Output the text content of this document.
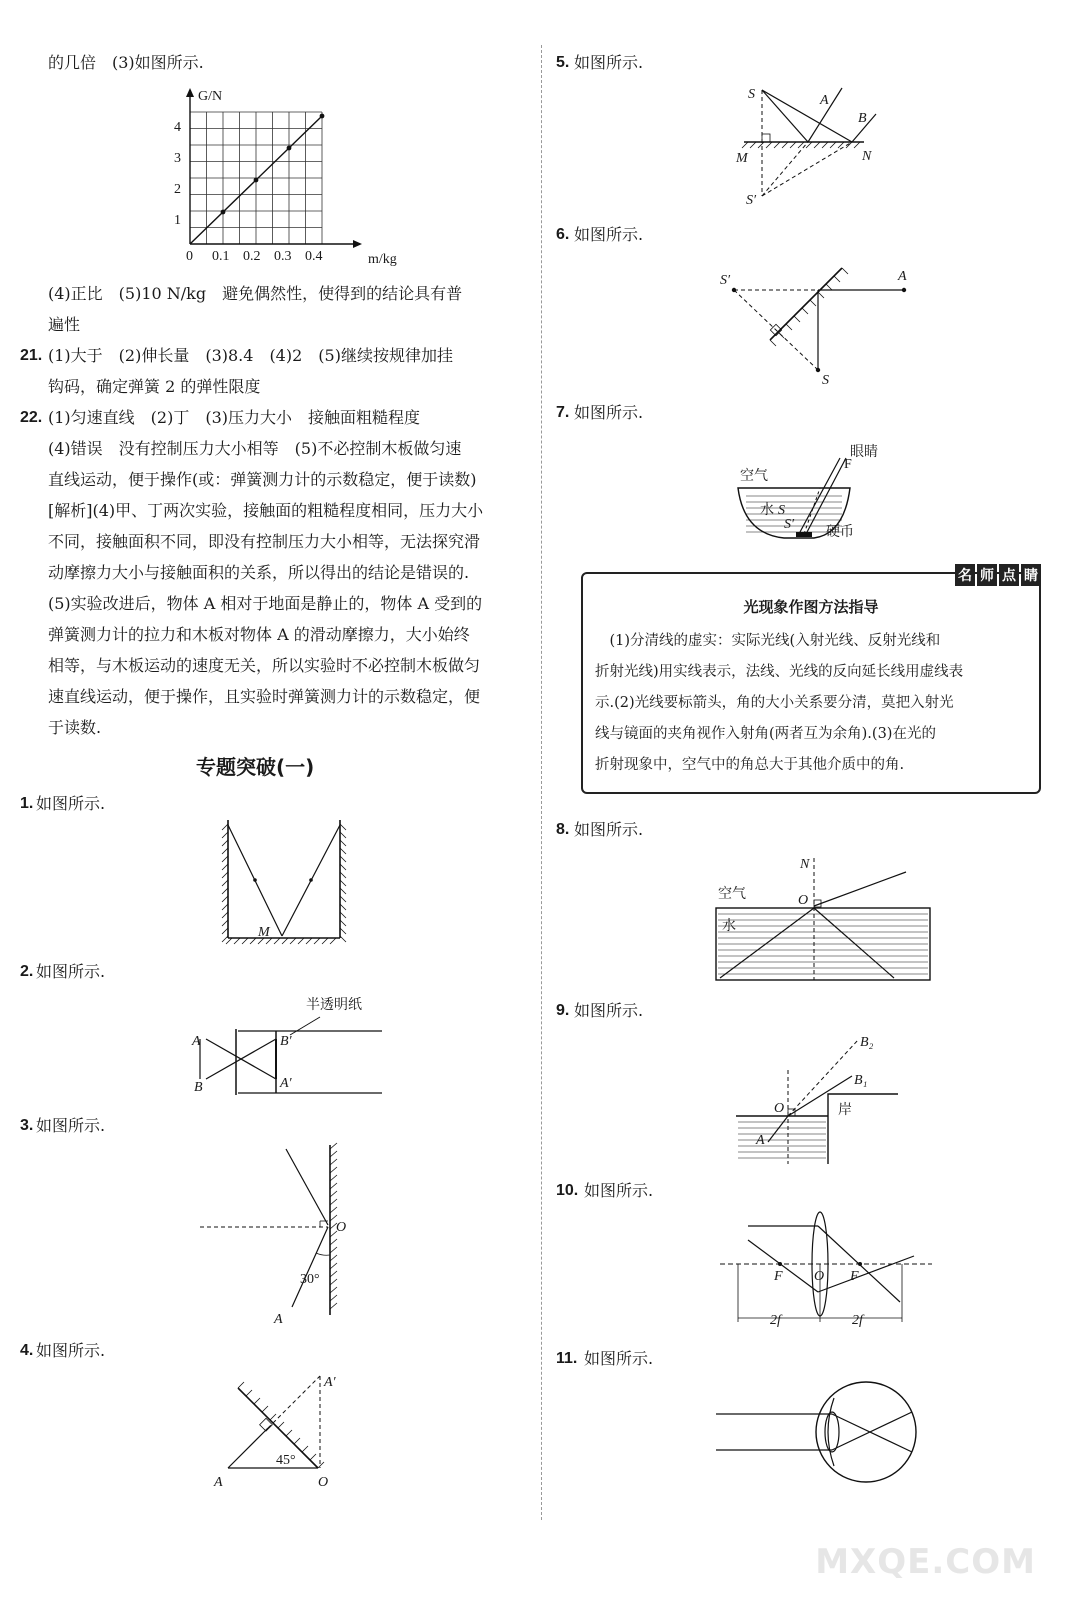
的几倍　(3)如图所示.
G/N
m/kg
1
2
3
4
0 0.1 0.2 0.3 0.4
(4)正比　(5)10 N/kg　避免偶然性，使得到的结论具有普
遍性
21. (1)大于　(2)伸长量　(3)8.4　(4)2　(5)继续按规律加挂
钩码，确定弹簧 2 的弹性限度
22. (1)匀速直线　(2)丁　(3)压力大小　接触面粗糙程度
(4)错误　没有控制压力大小相等　(5)不必控制木板做匀速
直线运动，便于操作(或：弹簧测力计的示数稳定，便于读数)
[解析](4)甲、丁两次实验，接触面的粗糙程度相同，压力大小
不同，接触面积不同，即没有控制压力大小相等，无法探究滑
动摩擦力大小与接触面积的关系，所以得出的结论是错误的.
(5)实验改进后，物体 A 相对于地面是静止的，物体 A 受到的
弹簧测力计的拉力和木板对物体 A 的滑动摩擦力，大小始终
相等，与木板运动的速度无关，所以实验时不必控制木板做匀
速直线运动，便于操作，且实验时弹簧测力计的示数稳定，便
于读数.
专题突破(一)
1. 如图所示.
M
2. 如图所示.
半透明纸
A
B
B′
A′
3. 如图所示.
O
30°
A
4. 如图所示.
A′
45°
A	O
5. 如图所示.
S	A
B
M	N
S′
6. 如图所示.
S′	A
S
7. 如图所示.
眼睛
空气
水 S
S′
硬币
F
名 师 点 睛
光现象作图方法指导
　(1)分清线的虚实：实际光线(入射光线、反射光线和
折射光线)用实线表示，法线、光线的反向延长线用虚线表
示.(2)光线要标箭头，角的大小关系要分清，莫把入射光
线与镜面的夹角视作入射角(两者互为余角).(3)在光的
折射现象中，空气中的角总大于其他介质中的角.
8. 如图所示.
N
空气	O
水
9. 如图所示.
B₂
B₁
O	岸
A
10. 如图所示.
F O F
2f	2f
11. 如图所示.
MXQE.COM
